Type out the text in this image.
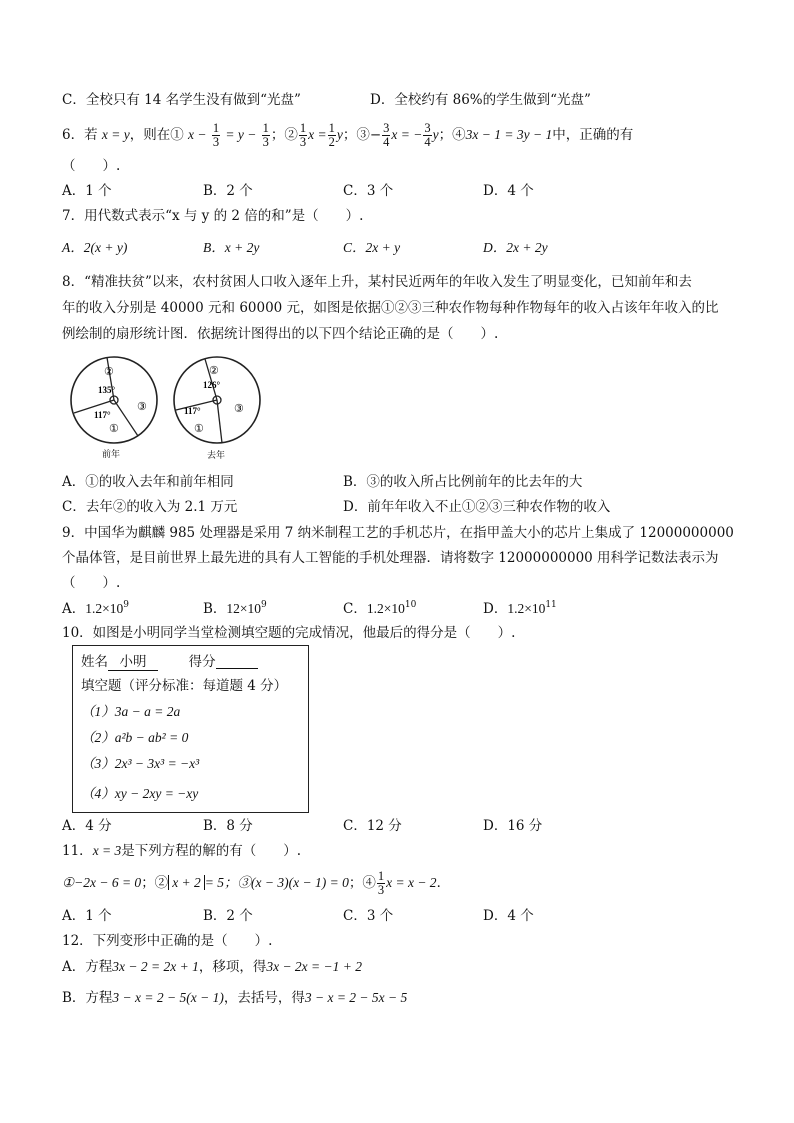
C．全校只有 14 名学生没有做到“光盘”	D．全校约有 86%的学生做到“光盘”
6．若 x = y，则在① $x - \frac{1}{3} = y - \frac{1}{3}$ ；② $\frac{1}{3}$ $x = \frac{1}{2}$ y；③− $\frac{3}{4}$ x = − $\frac{3}{4}$ y；④3x − 1 = 3y − 1中，正确的有
（　　）.
A．1 个	B．2 个	C．3 个	D．4 个
7．用代数式表示“x 与 y 的 2 倍的和”是（　　）.
A．2(x + y)	B．x + 2y	C．2x + y	D．2x + 2y
8．“精准扶贫”以来，农村贫困人口收入逐年上升，某村民近两年的年收入发生了明显变化，已知前年和去
年的收入分别是 40000 元和 60000 元，如图是依据①②③三种农作物每种作物每年的收入占该年年收入的比
例绘制的扇形统计图．依据统计图得出的以下四个结论正确的是（　　）.
②
135°
117°
③
①
前年
②
126°
117°	③
①
去年
A．①的收入去年和前年相同	B．③的收入所占比例前年的比去年的大
C．去年②的收入为 2.1 万元	D．前年年收入不止①②③三种农作物的收入
9．中国华为麒麟 985 处理器是采用 7 纳米制程工艺的手机芯片，在指甲盖大小的芯片上集成了 12000000000
个晶体管，是目前世界上最先进的具有人工智能的手机处理器．请将数字 12000000000 用科学记数法表示为
（　　）.
A．$1.2\times 10^9$	B．$12\times 10^9$	C．$1.2\times 10^{10}$	D．$1.2\times 10^{11}$
10．如图是小明同学当堂检测填空题的完成情况，他最后的得分是（　　）.
姓名 小明	得分
填空题（评分标准：每道题 4 分）
（1）3a − a = 2a
（2）a²b − ab² = 0
（3）2x³ − 3x³ = −x³
（4）xy − 2xy = −xy
A．4 分	B．8 分	C．12 分	D．16 分
11．x = 3是下列方程的解的有（　　）.
①−2x − 6 = 0；② x + 2 = 5；③(x − 3)(x − 1) = 0；④ $\frac{1}{3}$ x = x − 2．
A．1 个	B．2 个	C．3 个	D．4 个
12．下列变形中正确的是（　　）.
A．方程3x − 2 = 2x + 1，移项，得3x − 2x = −1 + 2
B．方程3 − x = 2 − 5(x − 1)，去括号，得3 − x = 2 − 5x − 5
